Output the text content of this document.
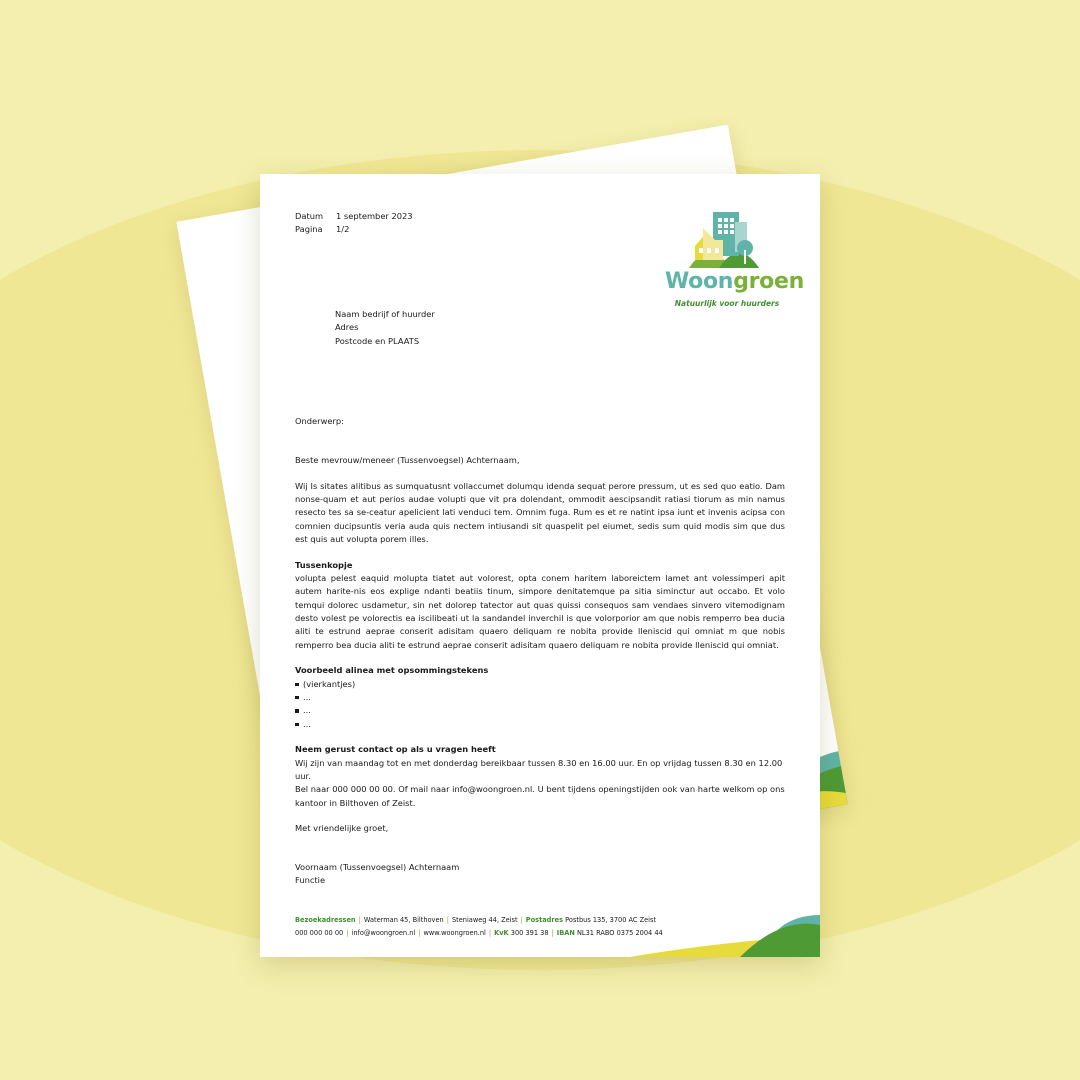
Datum	1 september 2023
Pagina	1/2
Woongroen
Natuurlijk voor huurders
Naam bedrijf of huurder
Adres
Postcode en PLAATS
Onderwerp:

Beste mevrouw/meneer (Tussenvoegsel) Achternaam,

Wij Is sitates alitibus as sumquatusnt vollaccumet dolumqu idenda sequat perore pressum, ut es sed quo eatio. Dam nonse-quam et aut perios audae volupti que vit pra dolendant, ommodit aescipsandit ratiasi tiorum as min namus resecto tes sa se-ceatur apelicient lati venduci tem. Omnim fuga. Rum es et re natint ipsa iunt et invenis acipsa con comnien ducipsuntis veria auda quis nectem intiusandi sit quaspelit pel eiumet, sedis sum quid modis sim que dus est quis aut volupta porem illes.

Tussenkopje

volupta pelest eaquid molupta tiatet aut volorest, opta conem haritem laboreictem lamet ant volessimperi apit autem harite-nis eos explige ndanti beatiis tinum, simpore denitatemque pa sitia siminctur aut occabo. Et volo temqui dolorec usdametur, sin net dolorep tatector aut quas quissi consequos sam vendaes sinvero vitemodignam desto volest pe volorectis ea iscilibeati ut la sandandel inverchil is que volorporior am que nobis remperro bea ducia aliti te estrund aeprae conserit adisitam quaero deliquam re nobita provide lleniscid qui omniat m que nobis remperro bea ducia aliti te estrund aeprae conserit adisitam quaero deliquam re nobita provide lleniscid qui omniat.

Voorbeeld alinea met opsommingstekens
(vierkantjes)
...
...
...
Neem gerust contact op als u vragen heeft
Wij zijn van maandag tot en met donderdag bereikbaar tussen 8.30 en 16.00 uur. En op vrijdag tussen 8.30 en 12.00 uur.
Bel naar 000 000 00 00. Of mail naar info@woongroen.nl. U bent tijdens openingstijden ook van harte welkom op ons
kantoor in Bilthoven of Zeist.
Met vriendelijke groet,
Voornaam (Tussenvoegsel) Achternaam
Functie
Bezoekadressen | Waterman 45, Bilthoven | Steniaweg 44, Zeist | Postadres Postbus 135, 3700 AC Zeist
000 000 00 00 | info@woongroen.nl | www.woongroen.nl | KvK 300 391 38 | IBAN NL31 RABO 0375 2004 44
